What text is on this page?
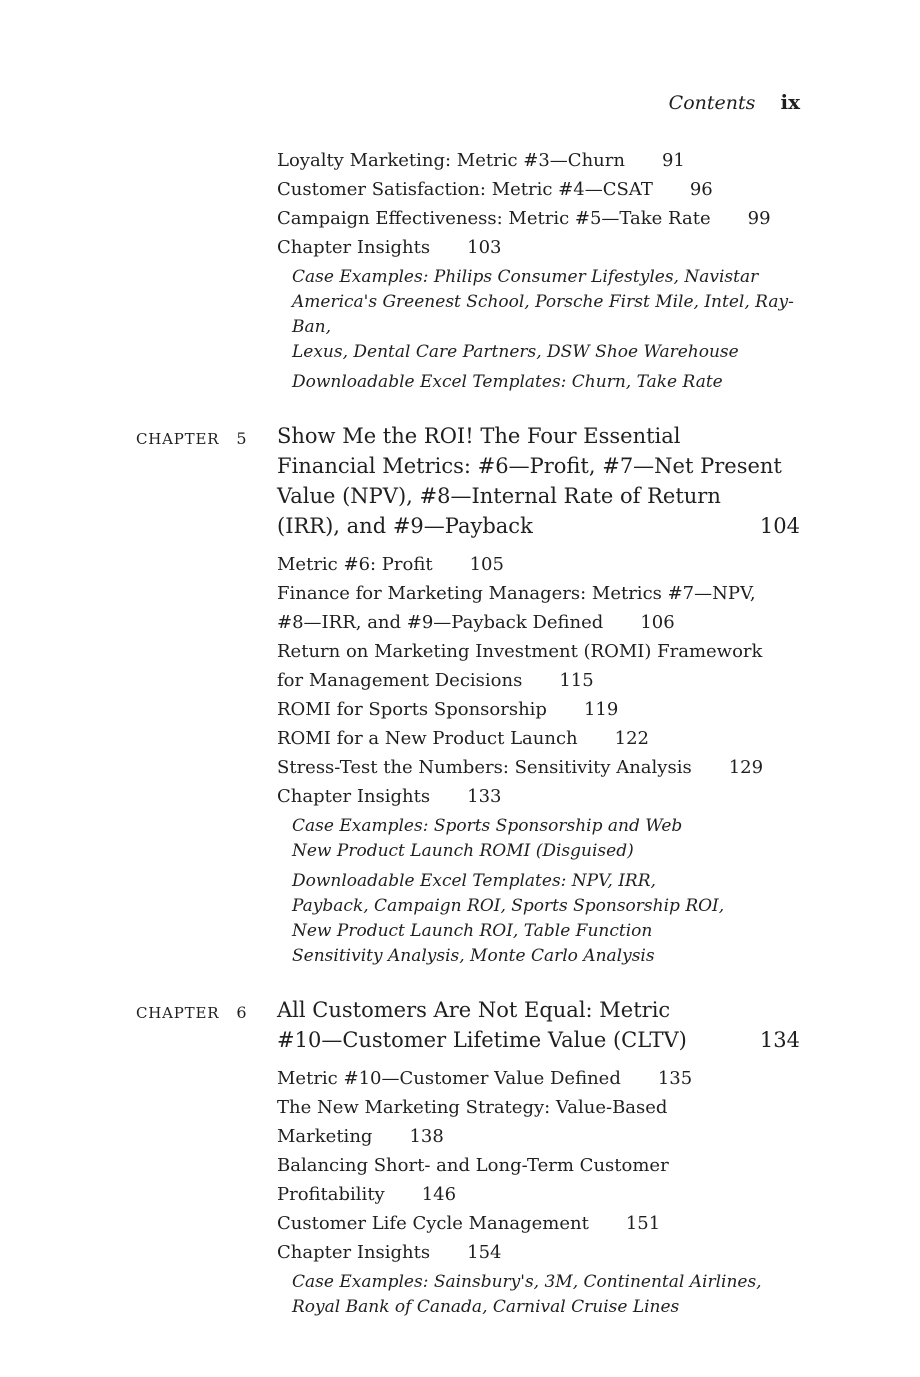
Contents ix
Loyalty Marketing: Metric #3—Churn 91
Customer Satisfaction: Metric #4—CSAT 96
Campaign Effectiveness: Metric #5—Take Rate 99
Chapter Insights 103
Case Examples: Philips Consumer Lifestyles, Navistar
America's Greenest School, Porsche First Mile, Intel, Ray-Ban,
Lexus, Dental Care Partners, DSW Shoe Warehouse
Downloadable Excel Templates: Churn, Take Rate
CHAPTER 5	Show Me the ROI! The Four Essential
Financial Metrics: #6—Profit, #7—Net Present
Value (NPV), #8—Internal Rate of Return
(IRR), and #9—Payback	104
Metric #6: Profit 105
Finance for Marketing Managers: Metrics #7—NPV,
#8—IRR, and #9—Payback Defined 106
Return on Marketing Investment (ROMI) Framework
for Management Decisions 115
ROMI for Sports Sponsorship 119
ROMI for a New Product Launch 122
Stress-Test the Numbers: Sensitivity Analysis 129
Chapter Insights 133
Case Examples: Sports Sponsorship and Web
New Product Launch ROMI (Disguised)
Downloadable Excel Templates: NPV, IRR,
Payback, Campaign ROI, Sports Sponsorship ROI,
New Product Launch ROI, Table Function
Sensitivity Analysis, Monte Carlo Analysis
CHAPTER 6	All Customers Are Not Equal: Metric
#10—Customer Lifetime Value (CLTV)	134
Metric #10—Customer Value Defined 135
The New Marketing Strategy: Value-Based Marketing 138
Balancing Short- and Long-Term Customer Profitability 146
Customer Life Cycle Management 151
Chapter Insights 154
Case Examples: Sainsbury's, 3M, Continental Airlines,
Royal Bank of Canada, Carnival Cruise Lines
